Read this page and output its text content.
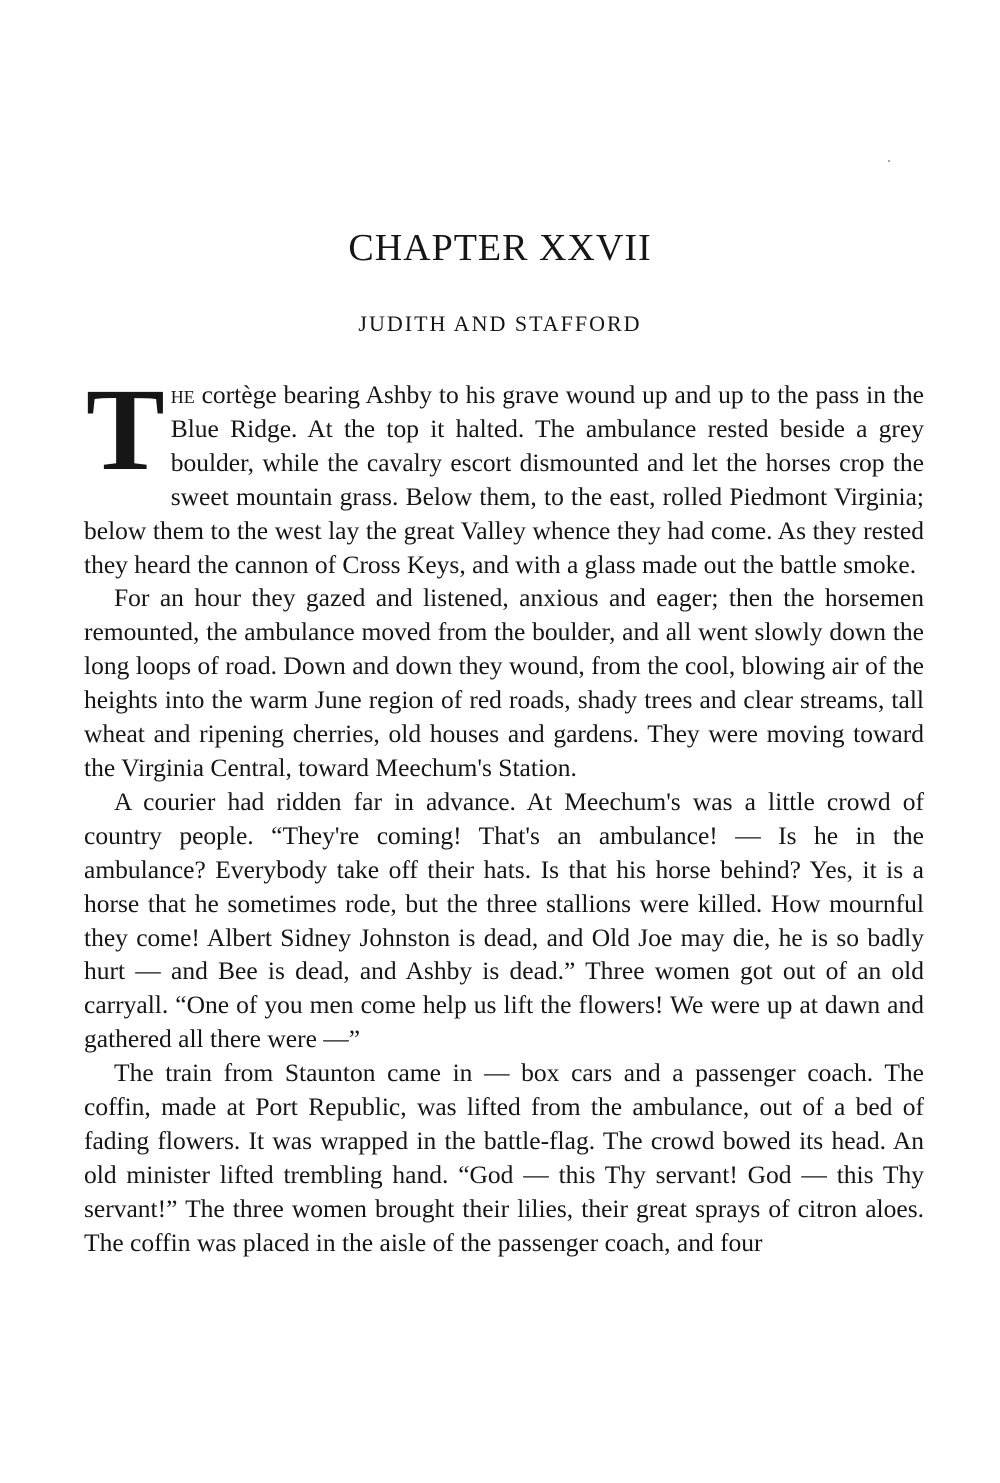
CHAPTER XXVII
JUDITH AND STAFFORD

The cortège bearing Ashby to his grave wound up and up to the pass in the Blue Ridge. At the top it halted. The ambulance rested beside a grey boulder, while the cavalry escort dismounted and let the horses crop the sweet mountain grass. Below them, to the east, rolled Piedmont Virginia; below them to the west lay the great Valley whence they had come. As they rested they heard the cannon of Cross Keys, and with a glass made out the battle smoke.

For an hour they gazed and listened, anxious and eager; then the horsemen remounted, the ambulance moved from the boulder, and all went slowly down the long loops of road. Down and down they wound, from the cool, blowing air of the heights into the warm June region of red roads, shady trees and clear streams, tall wheat and ripening cherries, old houses and gardens. They were moving toward the Virginia Central, toward Meechum's Station.

A courier had ridden far in advance. At Meechum's was a little crowd of country people. “They're coming! That's an ambulance! — Is he in the ambulance? Everybody take off their hats. Is that his horse behind? Yes, it is a horse that he sometimes rode, but the three stallions were killed. How mournful they come! Albert Sidney Johnston is dead, and Old Joe may die, he is so badly hurt — and Bee is dead, and Ashby is dead.” Three women got out of an old carryall. “One of you men come help us lift the flowers! We were up at dawn and gathered all there were —”

The train from Staunton came in — box cars and a passenger coach. The coffin, made at Port Republic, was lifted from the ambulance, out of a bed of fading flowers. It was wrapped in the battle-flag. The crowd bowed its head. An old minister lifted trembling hand. “God — this Thy servant! God — this Thy servant!” The three women brought their lilies, their great sprays of citron aloes. The coffin was placed in the aisle of the passenger coach, and four
